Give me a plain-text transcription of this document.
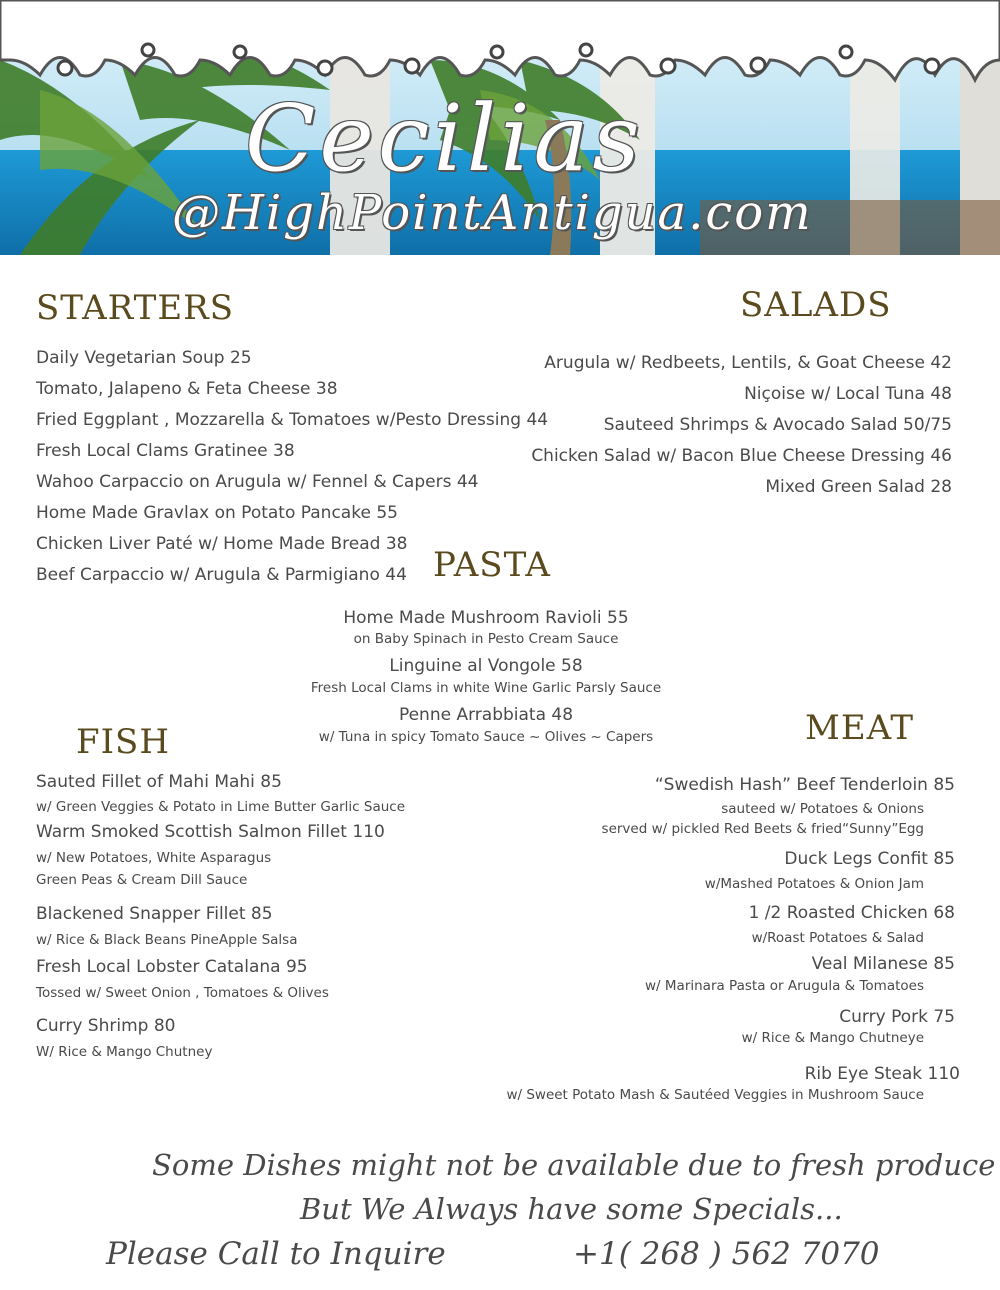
Cecilias
@HighPointAntigua.com
STARTERS
Daily Vegetarian Soup 25
Tomato, Jalapeno & Feta Cheese 38
Fried Eggplant , Mozzarella & Tomatoes w/Pesto Dressing 44
Fresh Local Clams Gratinee 38
Wahoo Carpaccio on Arugula w/ Fennel & Capers 44
Home Made Gravlax on Potato Pancake 55
Chicken Liver Paté w/ Home Made Bread 38
Beef Carpaccio w/ Arugula & Parmigiano 44
SALADS
Arugula w/ Redbeets, Lentils, & Goat Cheese 42
Niçoise w/ Local Tuna 48
Sauteed Shrimps & Avocado Salad 50/75
Chicken Salad w/ Bacon Blue Cheese Dressing 46
Mixed Green Salad 28
PASTA
Home Made Mushroom Ravioli 55
on Baby Spinach in Pesto Cream Sauce
Linguine al Vongole 58
Fresh Local Clams in white Wine Garlic Parsly Sauce
Penne Arrabbiata 48
w/ Tuna in spicy Tomato Sauce ~ Olives ~ Capers
FISH
Sauted Fillet of Mahi Mahi 85
w/ Green Veggies & Potato in Lime Butter Garlic Sauce
Warm Smoked Scottish Salmon Fillet 110
w/ New Potatoes, White Asparagus
Green Peas & Cream Dill Sauce
Blackened Snapper Fillet 85
w/ Rice & Black Beans PineApple Salsa
Fresh Local Lobster Catalana 95
Tossed w/ Sweet Onion , Tomatoes & Olives
Curry Shrimp 80
W/ Rice & Mango Chutney
MEAT
“Swedish Hash” Beef Tenderloin 85
sauteed w/ Potatoes & Onions
served w/ pickled Red Beets & fried“Sunny”Egg
Duck Legs Confit 85
w/Mashed Potatoes & Onion Jam
1 /2 Roasted Chicken 68
w/Roast Potatoes & Salad
Veal Milanese 85
w/ Marinara Pasta or Arugula & Tomatoes
Curry Pork 75
w/ Rice & Mango Chutneye
Rib Eye Steak 110
w/ Sweet Potato Mash & Sautéed Veggies in Mushroom Sauce
Some Dishes might not be available due to fresh produce
But We Always have some Specials...
Please Call to Inquire	+1( 268 ) 562 7070
